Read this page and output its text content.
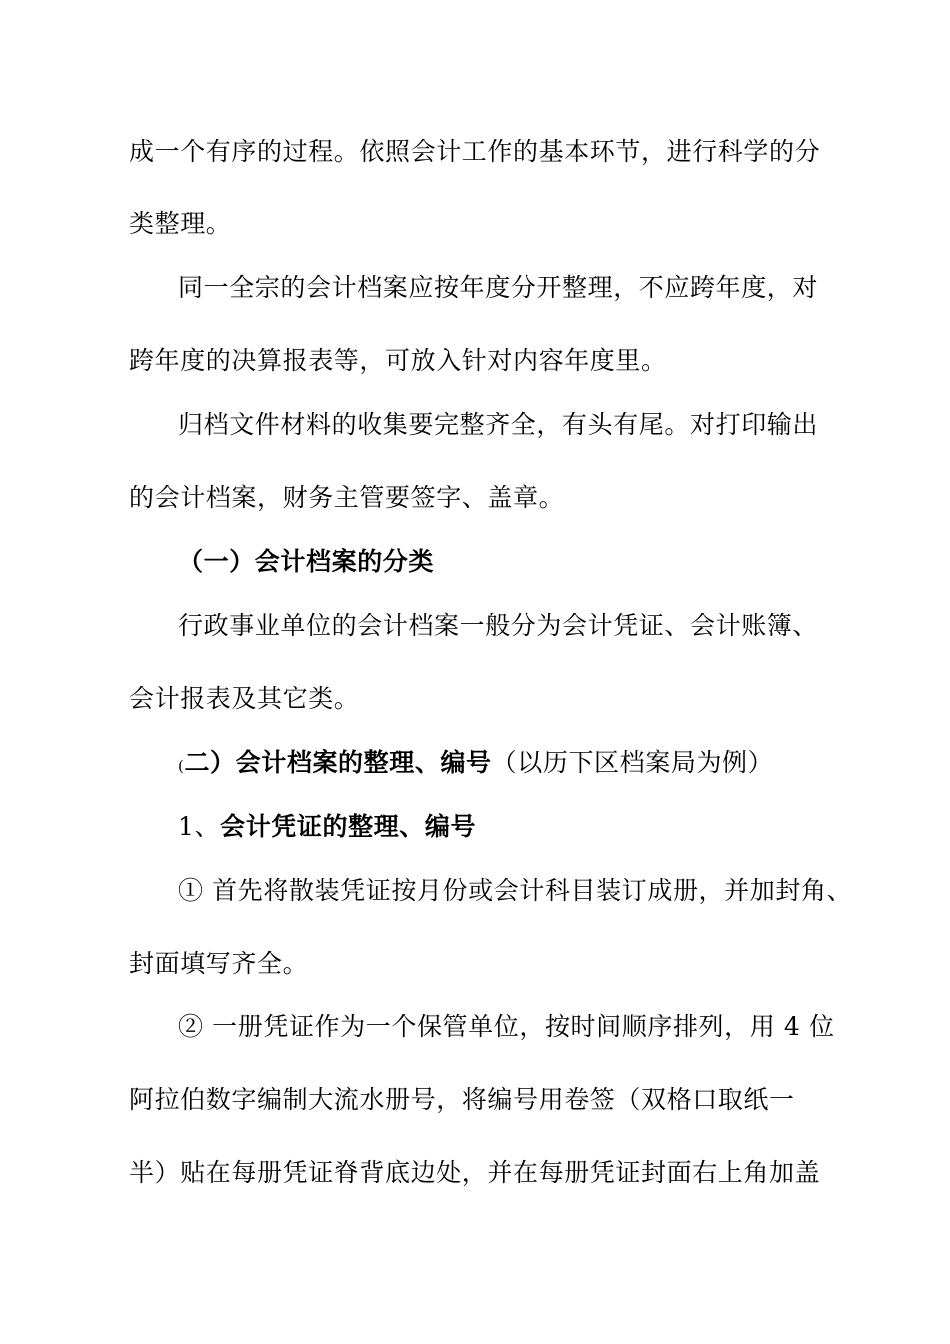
成一个有序的过程。依照会计工作的基本环节，进行科学的分
类整理。
同一全宗的会计档案应按年度分开整理，不应跨年度，对
跨年度的决算报表等，可放入针对内容年度里。
归档文件材料的收集要完整齐全，有头有尾。对打印输出
的会计档案，财务主管要签字、盖章。
（一）会计档案的分类
行政事业单位的会计档案一般分为会计凭证、会计账簿、
会计报表及其它类。
(二）会计档案的整理、编号（以历下区档案局为例）
1、会计凭证的整理、编号
① 首先将散装凭证按月份或会计科目装订成册，并加封角、
封面填写齐全。
② 一册凭证作为一个保管单位，按时间顺序排列，用 4 位
阿拉伯数字编制大流水册号，将编号用卷签（双格口取纸一
半）贴在每册凭证脊背底边处，并在每册凭证封面右上角加盖
